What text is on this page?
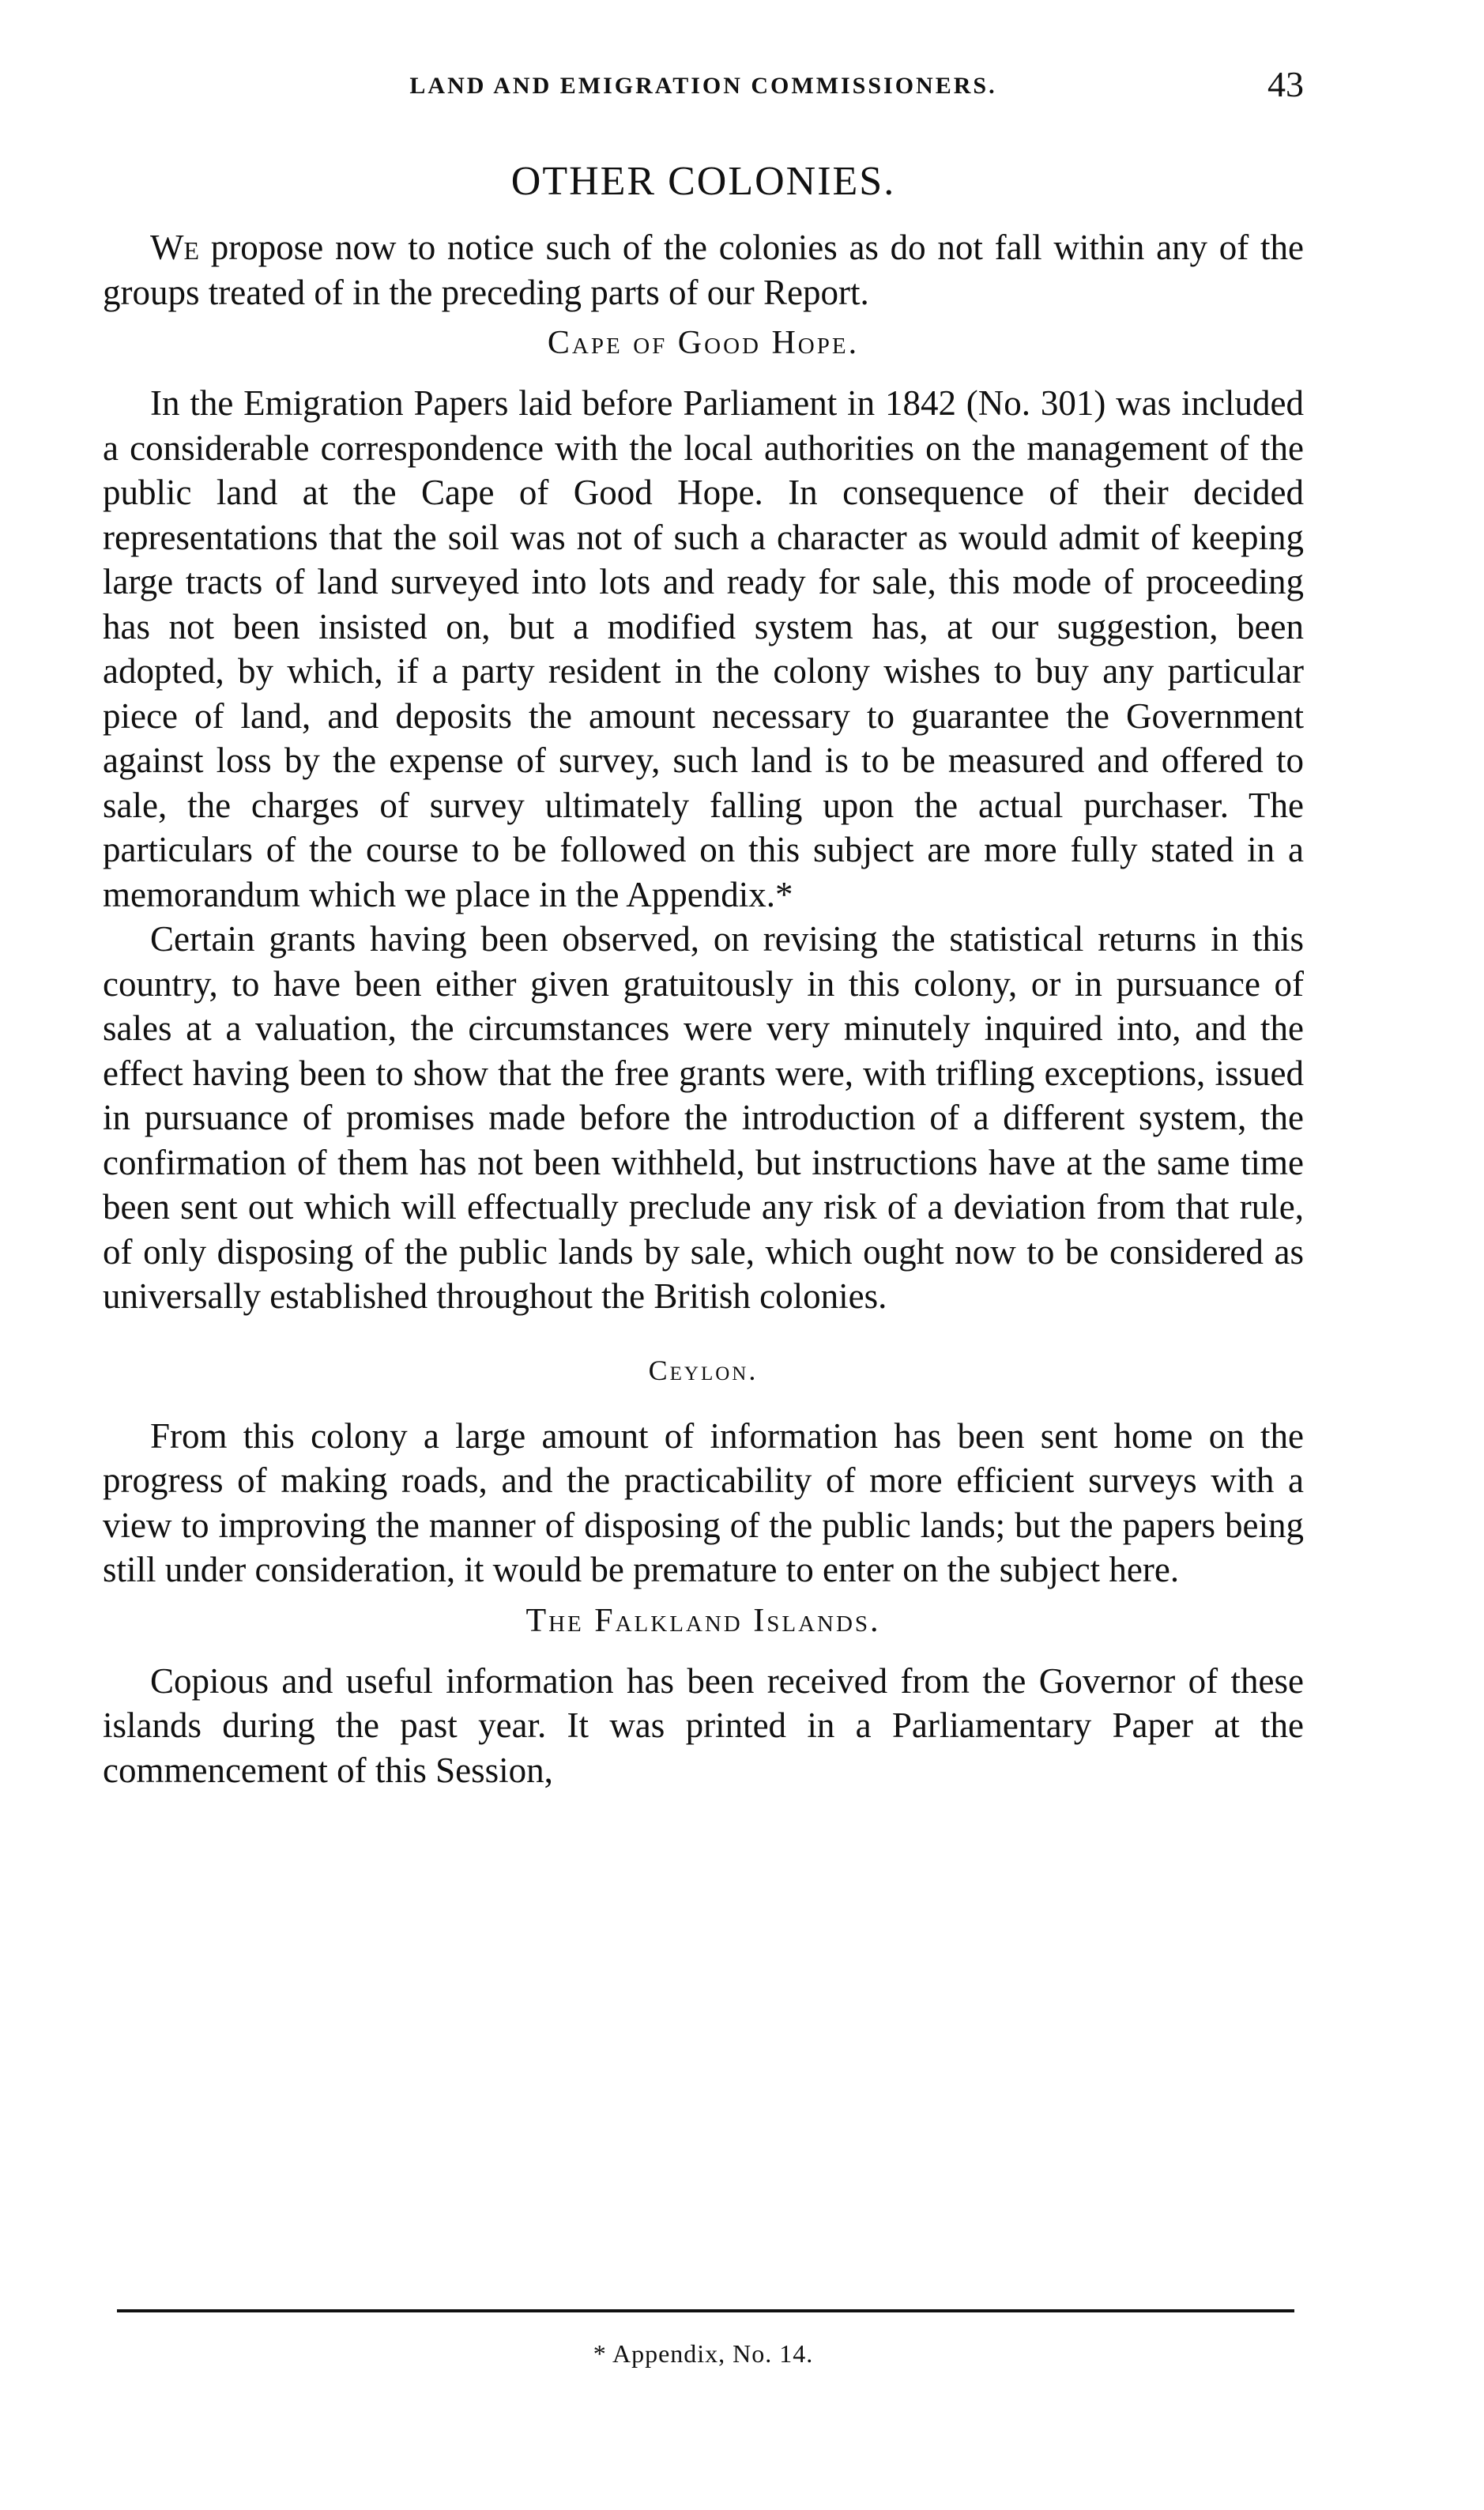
LAND AND EMIGRATION COMMISSIONERS.	43
OTHER COLONIES.

We propose now to notice such of the colonies as do not fall within any of the groups treated of in the preceding parts of our Report.

Cape of Good Hope.

In the Emigration Papers laid before Parliament in 1842 (No. 301) was included a considerable correspondence with the local authorities on the management of the public land at the Cape of Good Hope. In consequence of their decided representations that the soil was not of such a character as would admit of keeping large tracts of land surveyed into lots and ready for sale, this mode of proceeding has not been insisted on, but a modified system has, at our suggestion, been adopted, by which, if a party resident in the colony wishes to buy any particular piece of land, and deposits the amount necessary to guarantee the Government against loss by the expense of survey, such land is to be measured and offered to sale, the charges of survey ultimately falling upon the actual purchaser. The particulars of the course to be followed on this subject are more fully stated in a memorandum which we place in the Appendix.*

Certain grants having been observed, on revising the statistical returns in this country, to have been either given gratuitously in this colony, or in pursuance of sales at a valuation, the circumstances were very minutely inquired into, and the effect having been to show that the free grants were, with trifling exceptions, issued in pursuance of promises made before the introduction of a different system, the confirmation of them has not been withheld, but instructions have at the same time been sent out which will effectually preclude any risk of a deviation from that rule, of only disposing of the public lands by sale, which ought now to be considered as universally established throughout the British colonies.

Ceylon.

From this colony a large amount of information has been sent home on the progress of making roads, and the practicability of more efficient surveys with a view to improving the manner of disposing of the public lands; but the papers being still under consideration, it would be premature to enter on the subject here.

The Falkland Islands.

Copious and useful information has been received from the Governor of these islands during the past year. It was printed in a Parliamentary Paper at the commencement of this Session,

* Appendix, No. 14.
